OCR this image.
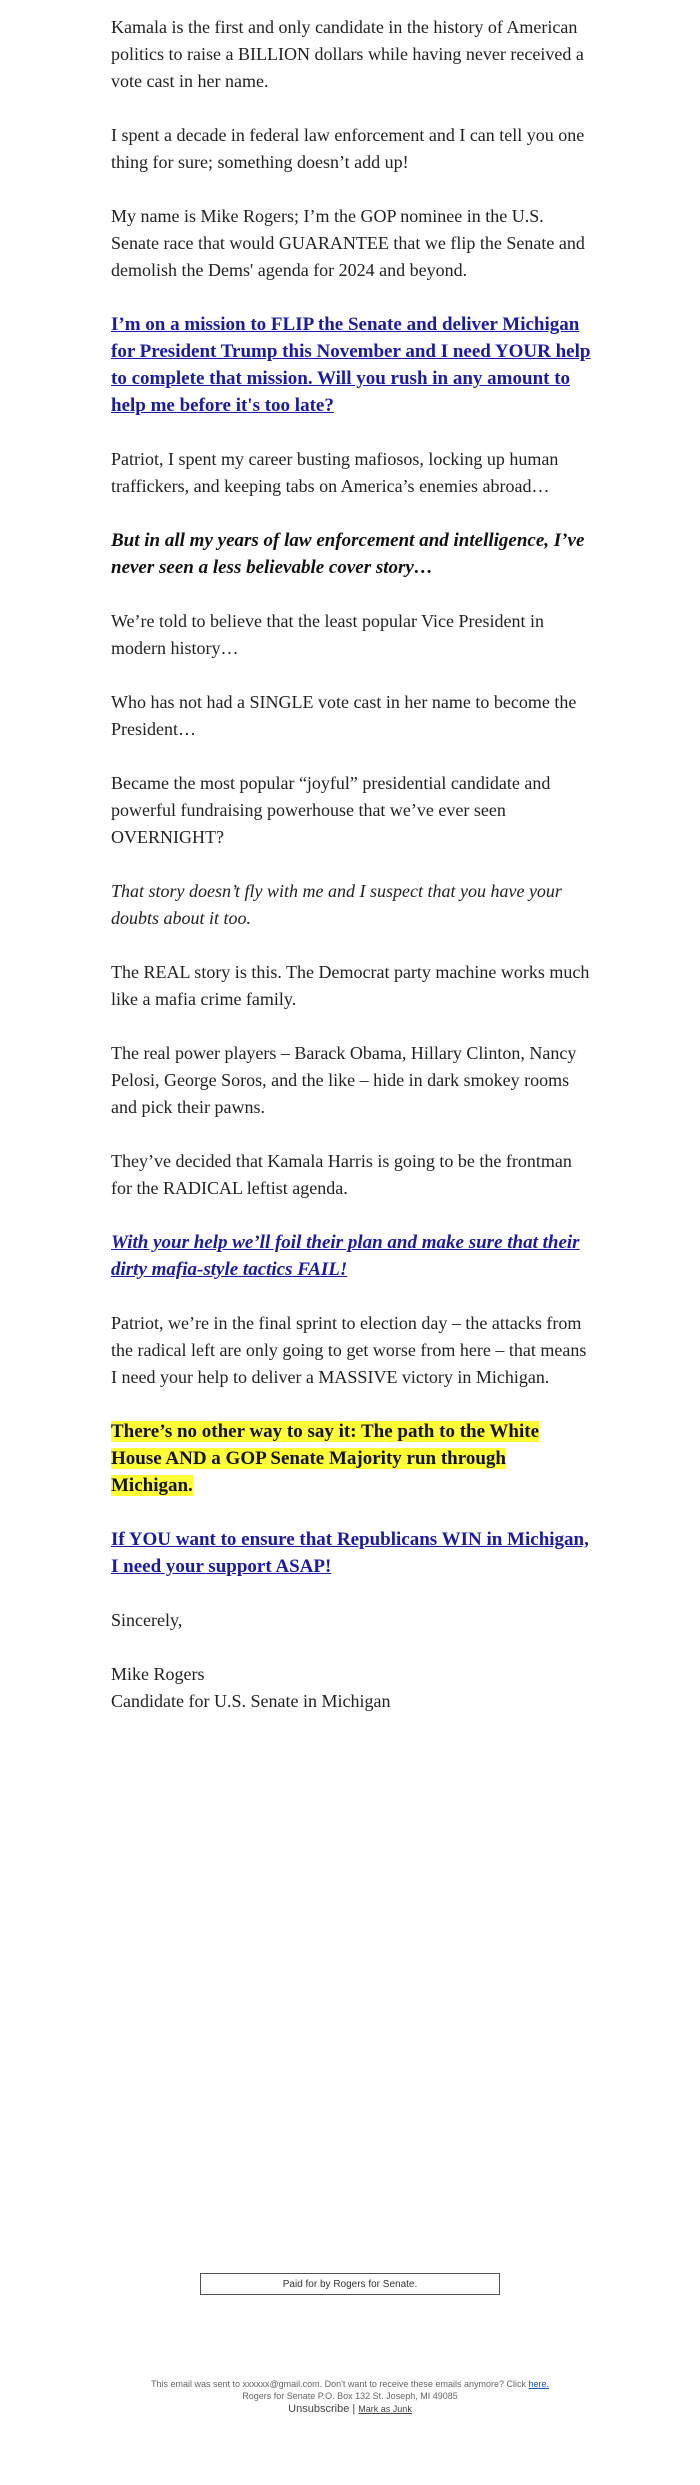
Kamala is the first and only candidate in the history of American politics to raise a BILLION dollars while having never received a vote cast in her name.

I spent a decade in federal law enforcement and I can tell you one thing for sure; something doesn’t add up!

My name is Mike Rogers; I’m the GOP nominee in the U.S. Senate race that would GUARANTEE that we flip the Senate and demolish the Dems' agenda for 2024 and beyond.

I’m on a mission to FLIP the Senate and deliver Michigan for President Trump this November and I need YOUR help to complete that mission. Will you rush in any amount to help me before it's too late?

Patriot, I spent my career busting mafiosos, locking up human traffickers, and keeping tabs on America’s enemies abroad…

But in all my years of law enforcement and intelligence, I’ve never seen a less believable cover story…

We’re told to believe that the least popular Vice President in modern history…

Who has not had a SINGLE vote cast in her name to become the President…

Became the most popular “joyful” presidential candidate and powerful fundraising powerhouse that we’ve ever seen OVERNIGHT?

That story doesn’t fly with me and I suspect that you have your doubts about it too.

The REAL story is this. The Democrat party machine works much like a mafia crime family.

The real power players – Barack Obama, Hillary Clinton, Nancy Pelosi, George Soros, and the like – hide in dark smokey rooms and pick their pawns.

They’ve decided that Kamala Harris is going to be the frontman for the RADICAL leftist agenda.

With your help we’ll foil their plan and make sure that their dirty mafia-style tactics FAIL!

Patriot, we’re in the final sprint to election day – the attacks from the radical left are only going to get worse from here – that means I need your help to deliver a MASSIVE victory in Michigan.

There’s no other way to say it: The path to the White House AND a GOP Senate Majority run through Michigan.

If YOU want to ensure that Republicans WIN in Michigan, I need your support ASAP!

Sincerely,

Mike Rogers
Candidate for U.S. Senate in Michigan
Paid for by Rogers for Senate.
This email was sent to xxxxxx@gmail.com. Don't want to receive these emails anymore? Click here.
Rogers for Senate P.O. Box 132 St. Joseph, MI 49085
Unsubscribe | Mark as Junk
